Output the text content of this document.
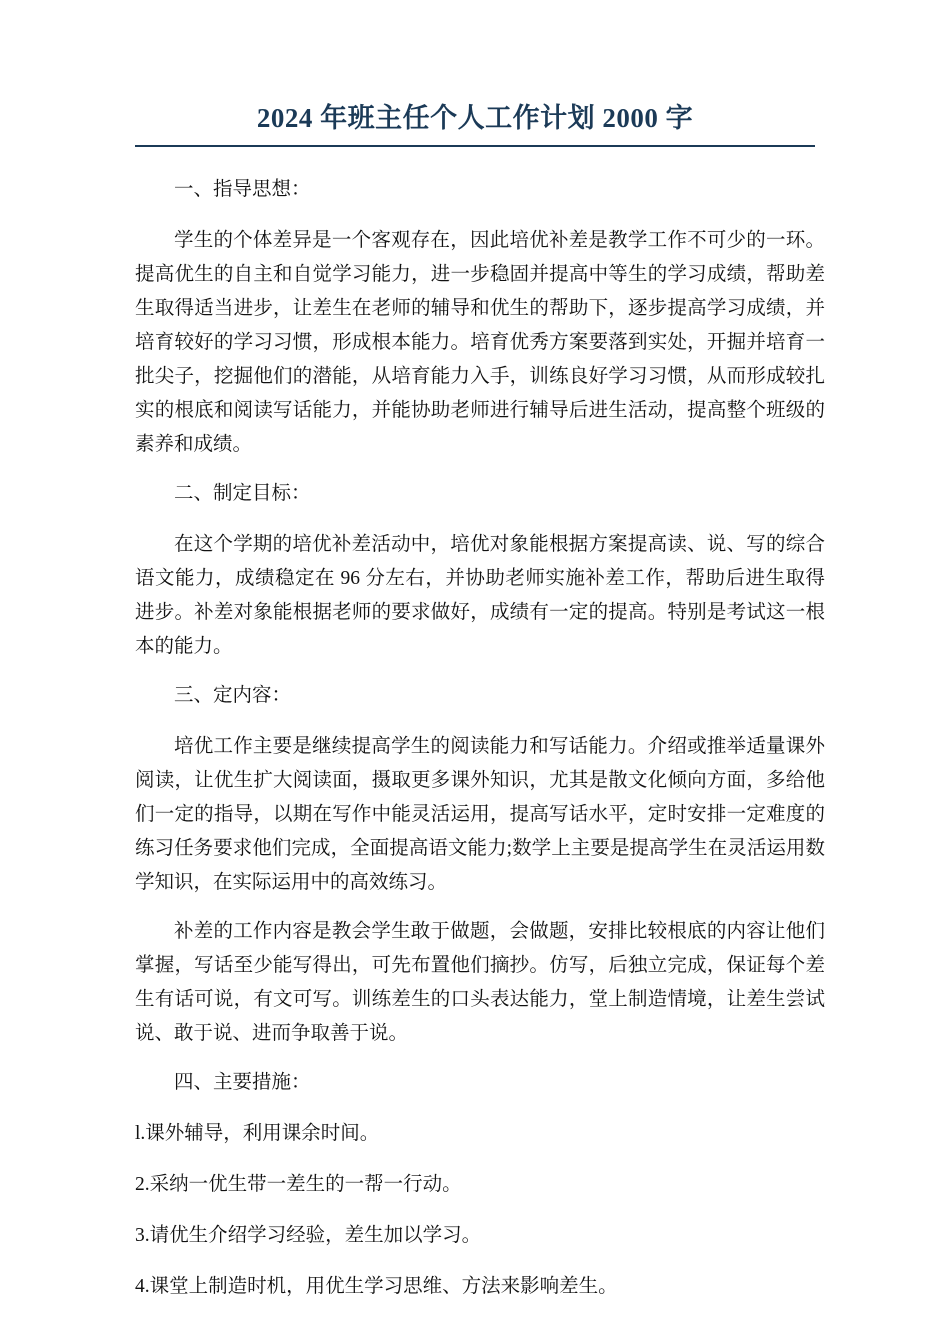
2024 年班主任个人工作计划 2000 字

一、指导思想：

学生的个体差异是一个客观存在，因此培优补差是教学工作不可少的一环。提高优生的自主和自觉学习能力，进一步稳固并提高中等生的学习成绩，帮助差生取得适当进步，让差生在老师的辅导和优生的帮助下，逐步提高学习成绩，并培育较好的学习习惯，形成根本能力。培育优秀方案要落到实处，开掘并培育一批尖子，挖掘他们的潜能，从培育能力入手，训练良好学习习惯，从而形成较扎实的根底和阅读写话能力，并能协助老师进行辅导后进生活动，提高整个班级的素养和成绩。

二、制定目标：

在这个学期的培优补差活动中，培优对象能根据方案提高读、说、写的综合语文能力，成绩稳定在 96 分左右，并协助老师实施补差工作，帮助后进生取得进步。补差对象能根据老师的要求做好，成绩有一定的提高。特别是考试这一根本的能力。

三、定内容：

培优工作主要是继续提高学生的阅读能力和写话能力。介绍或推举适量课外阅读，让优生扩大阅读面，摄取更多课外知识，尤其是散文化倾向方面，多给他们一定的指导，以期在写作中能灵活运用，提高写话水平，定时安排一定难度的练习任务要求他们完成，全面提高语文能力;数学上主要是提高学生在灵活运用数学知识，在实际运用中的高效练习。

补差的工作内容是教会学生敢于做题，会做题，安排比较根底的内容让他们掌握，写话至少能写得出，可先布置他们摘抄。仿写，后独立完成，保证每个差生有话可说，有文可写。训练差生的口头表达能力，堂上制造情境，让差生尝试说、敢于说、进而争取善于说。

四、主要措施：

l.课外辅导，利用课余时间。

2.采纳一优生带一差生的一帮一行动。

3.请优生介绍学习经验，差生加以学习。

4.课堂上制造时机，用优生学习思维、方法来影响差生。
